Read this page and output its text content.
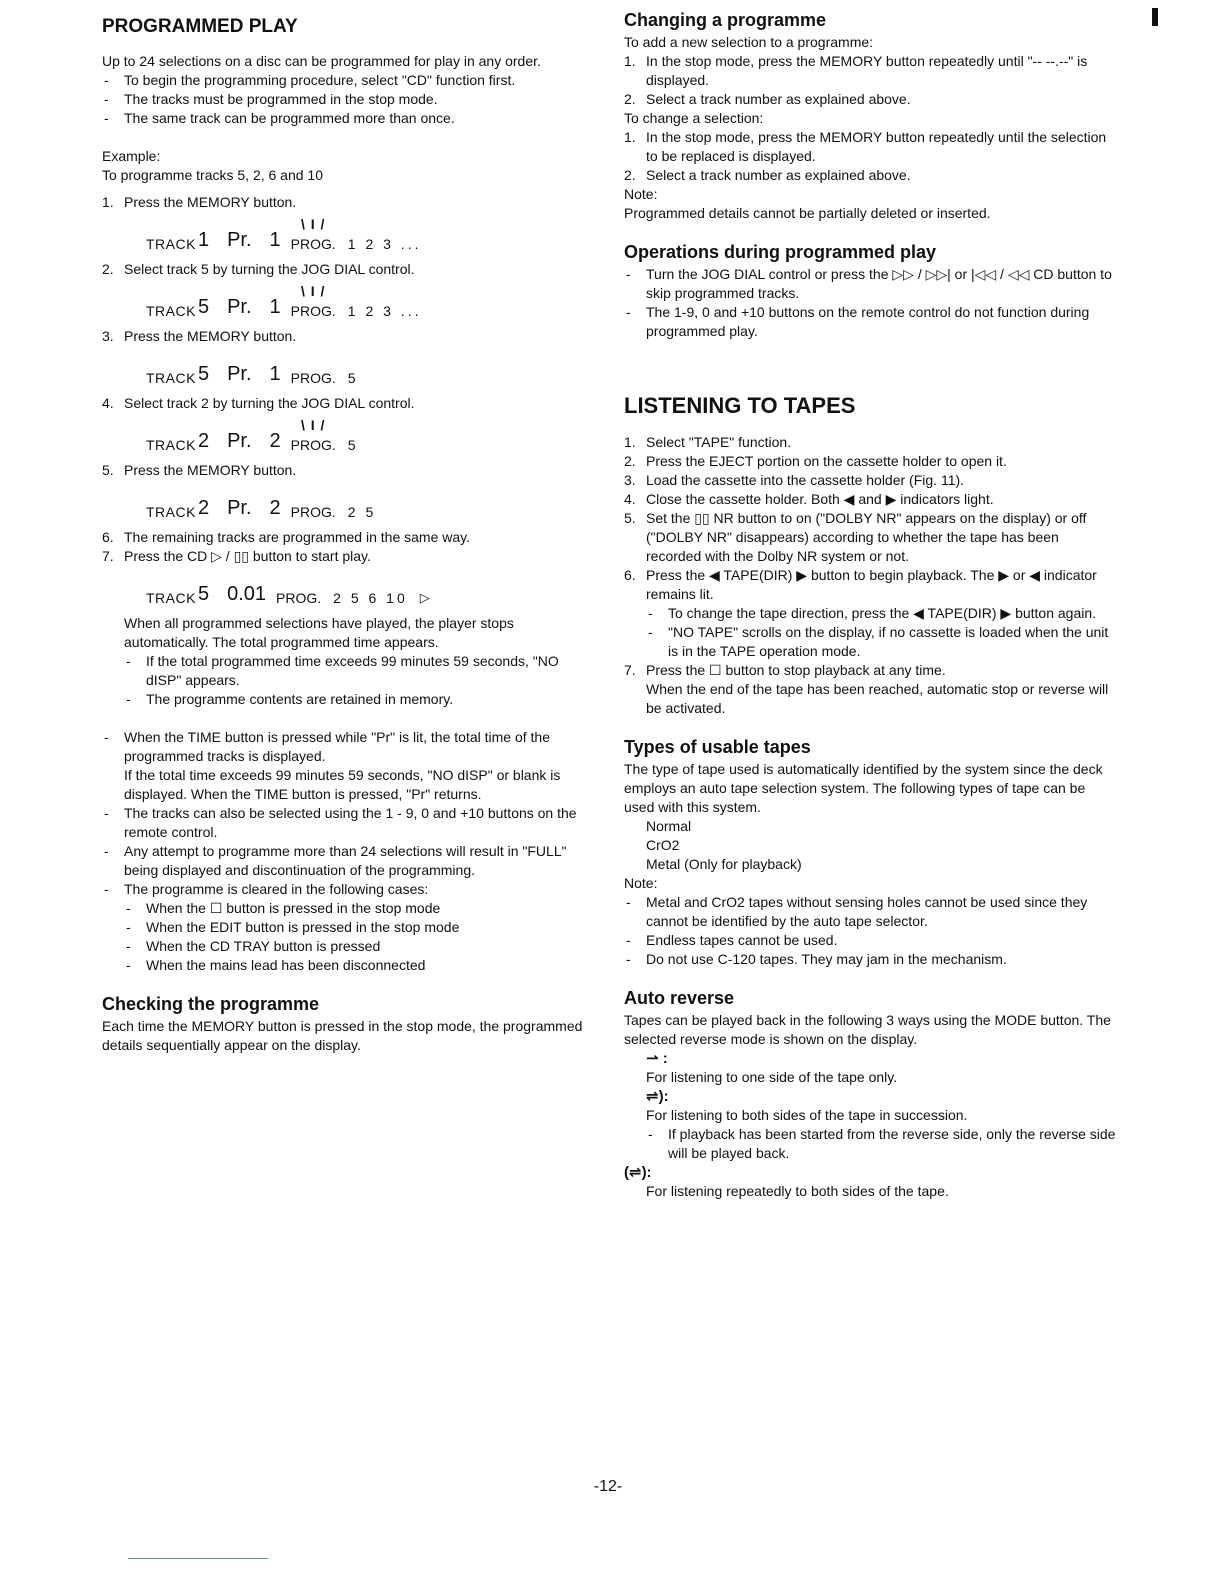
PROGRAMMED PLAY

Up to 24 selections on a disc can be programmed for play in any order.

-	To begin the programming procedure, select "CD" function first.
-	The tracks must be programmed in the stop mode.
-	The same track can be programmed more than once.

Example:

To programme tracks 5, 2, 6 and 10

1. Press the MEMORY button.
TRACK 1 Pr. 1
\ I /
PROG. 1 2 3 ...
2. Select track 5 by turning the JOG DIAL control.
TRACK 5 Pr. 1
\ I /
PROG. 1 2 3 ...
3. Press the MEMORY button.
TRACK 5 Pr. 1 PROG. 5
4. Select track 2 by turning the JOG DIAL control.
TRACK 2 Pr. 2
\ I /
PROG. 5
5. Press the MEMORY button.
TRACK 2 Pr. 2 PROG. 2 5
6. The remaining tracks are programmed in the same way.
7. Press the CD ▷ / ▯▯ button to start play.
TRACK 5 0.01 PROG. 2 5 6 10 ▷

When all programmed selections have played, the player stops automatically. The total programmed time appears.

-	If the total programmed time exceeds 99 minutes 59 seconds, "NO dISP" appears.
-	The programme contents are retained in memory.
-	When the TIME button is pressed while "Pr" is lit, the total time of the programmed tracks is displayed.
If the total time exceeds 99 minutes 59 seconds, "NO dISP" or blank is displayed. When the TIME button is pressed, "Pr" returns.
-	The tracks can also be selected using the 1 - 9, 0 and +10 buttons on the remote control.
-	Any attempt to programme more than 24 selections will result in "FULL" being displayed and discontinuation of the programming.
-	The programme is cleared in the following cases:
-	When the ☐ button is pressed in the stop mode
-	When the EDIT button is pressed in the stop mode
-	When the CD TRAY button is pressed
-	When the mains lead has been disconnected

Checking the programme

Each time the MEMORY button is pressed in the stop mode, the programmed details sequentially appear on the display.

Changing a programme

To add a new selection to a programme:

1. In the stop mode, press the MEMORY button repeatedly until "-- --.--" is displayed.
2. Select a track number as explained above.

To change a selection:

1. In the stop mode, press the MEMORY button repeatedly until the selection to be replaced is displayed.
2. Select a track number as explained above.

Note:

Programmed details cannot be partially deleted or inserted.

Operations during programmed play

-	Turn the JOG DIAL control or press the ▷▷ / ▷▷| or |◁◁ / ◁◁ CD button to skip programmed tracks.
-	The 1-9, 0 and +10 buttons on the remote control do not function during programmed play.

LISTENING TO TAPES

1. Select "TAPE" function.
2. Press the EJECT portion on the cassette holder to open it.
3. Load the cassette into the cassette holder (Fig. 11).
4. Close the cassette holder. Both ◀ and ▶ indicators light.
5. Set the ▯▯ NR button to on ("DOLBY NR" appears on the display) or off ("DOLBY NR" disappears) according to whether the tape has been recorded with the Dolby NR system or not.
6. Press the ◀ TAPE(DIR) ▶ button to begin playback. The ▶ or ◀ indicator remains lit.
-	To change the tape direction, press the ◀ TAPE(DIR) ▶ button again.
-	"NO TAPE" scrolls on the display, if no cassette is loaded when the unit is in the TAPE operation mode.
7. Press the ☐ button to stop playback at any time.

When the end of the tape has been reached, automatic stop or reverse will be activated.

Types of usable tapes

The type of tape used is automatically identified by the system since the deck employs an auto tape selection system. The following types of tape can be used with this system.

Normal

CrO2

Metal (Only for playback)

Note:

-	Metal and CrO2 tapes without sensing holes cannot be used since they cannot be identified by the auto tape selector.
-	Endless tapes cannot be used.
-	Do not use C-120 tapes. They may jam in the mechanism.

Auto reverse

Tapes can be played back in the following 3 ways using the MODE button. The selected reverse mode is shown on the display.

⇀ :

For listening to one side of the tape only.

⇌):

For listening to both sides of the tape in succession.

-	If playback has been started from the reverse side, only the reverse side will be played back.

(⇌):

For listening repeatedly to both sides of the tape.

-12-
